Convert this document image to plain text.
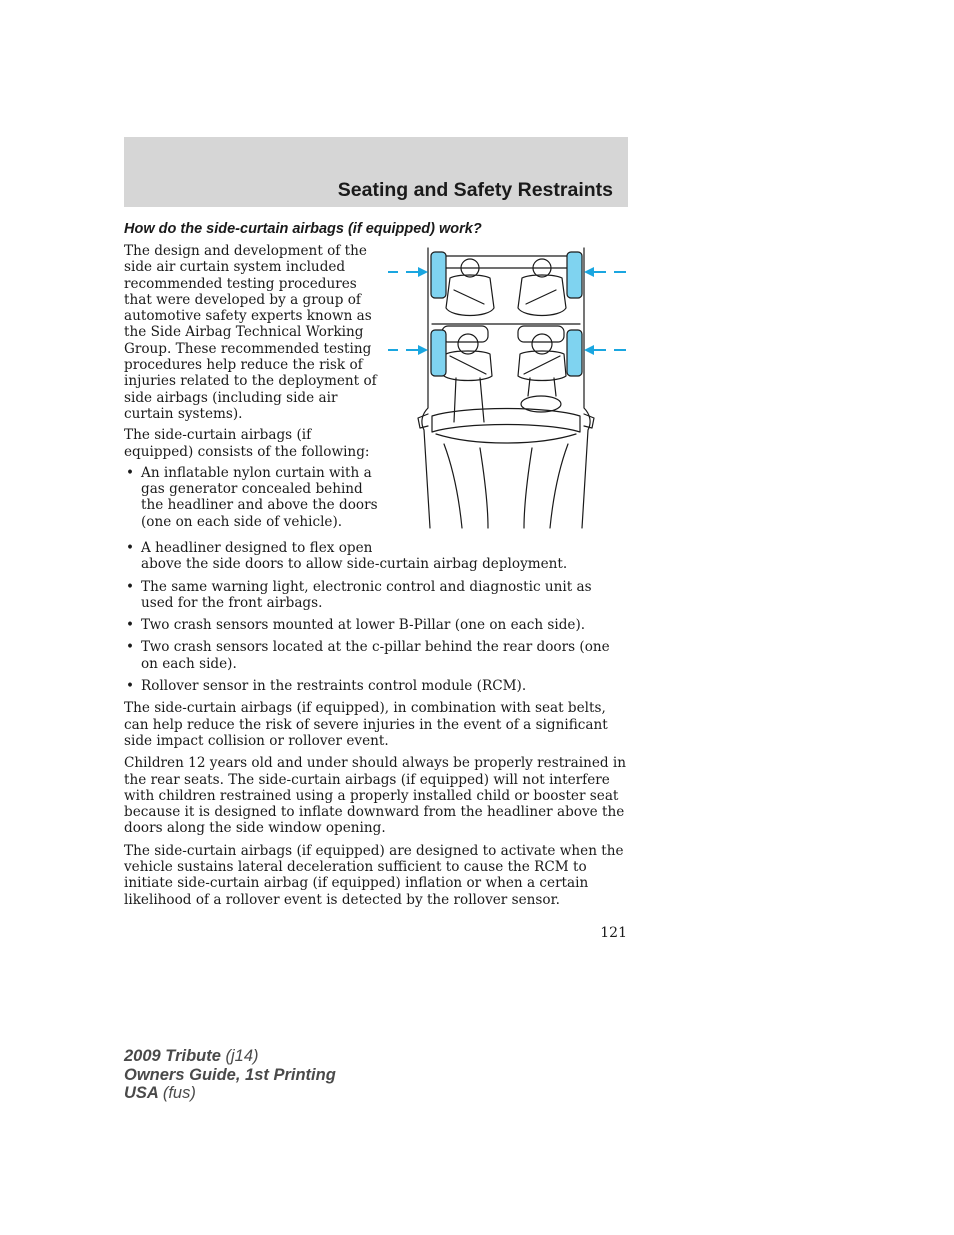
Seating and Safety Restraints
How do the side-curtain airbags (if equipped) work?

The design and development of the side air curtain system included recommended testing procedures that were developed by a group of automotive safety experts known as the Side Airbag Technical Working Group. These recommended testing procedures help reduce the risk of injuries related to the deployment of side airbags (including side air curtain systems).

The side-curtain airbags (if equipped) consists of the following:

• An inflatable nylon curtain with a gas generator concealed behind the headliner and above the doors (one on each side of vehicle).
• A headliner designed to flex open
above the side doors to allow side-curtain airbag deployment.
• The same warning light, electronic control and diagnostic unit as used for the front airbags.
• Two crash sensors mounted at lower B-Pillar (one on each side).
• Two crash sensors located at the c-pillar behind the rear doors (one on each side).
• Rollover sensor in the restraints control module (RCM).

The side-curtain airbags (if equipped), in combination with seat belts, can help reduce the risk of severe injuries in the event of a significant side impact collision or rollover event.

Children 12 years old and under should always be properly restrained in the rear seats. The side-curtain airbags (if equipped) will not interfere with children restrained using a properly installed child or booster seat because it is designed to inflate downward from the headliner above the doors along the side window opening.

The side-curtain airbags (if equipped) are designed to activate when the vehicle sustains lateral deceleration sufficient to cause the RCM to initiate side-curtain airbag (if equipped) inflation or when a certain likelihood of a rollover event is detected by the rollover sensor.

121
2009 Tribute (j14)
Owners Guide, 1st Printing
USA (fus)
